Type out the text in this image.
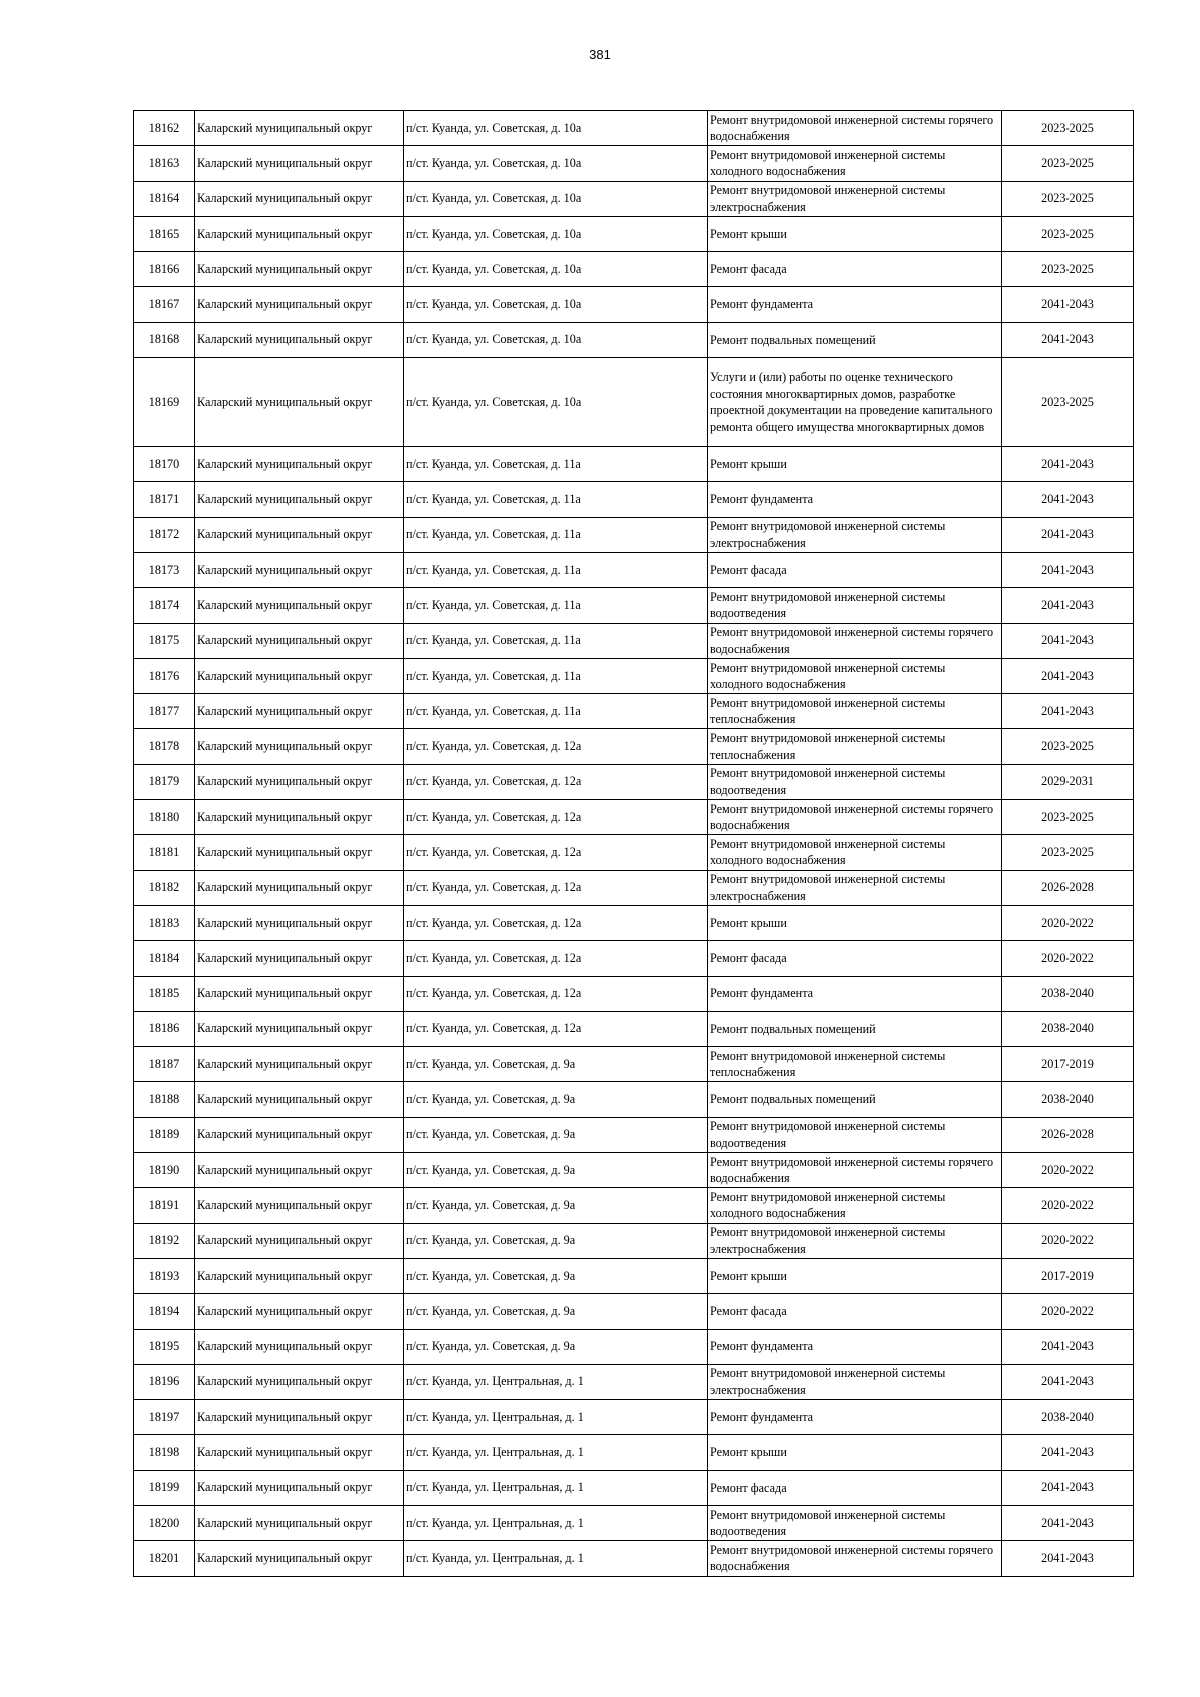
381
18162	Каларский муниципальный округ	п/ст. Куанда, ул. Советская, д. 10а	Ремонт внутридомовой инженерной системы горячего водоснабжения	2023-2025
18163	Каларский муниципальный округ	п/ст. Куанда, ул. Советская, д. 10а	Ремонт внутридомовой инженерной системы холодного водоснабжения	2023-2025
18164	Каларский муниципальный округ	п/ст. Куанда, ул. Советская, д. 10а	Ремонт внутридомовой инженерной системы электроснабжения	2023-2025
18165	Каларский муниципальный округ	п/ст. Куанда, ул. Советская, д. 10а	Ремонт крыши	2023-2025
18166	Каларский муниципальный округ	п/ст. Куанда, ул. Советская, д. 10а	Ремонт фасада	2023-2025
18167	Каларский муниципальный округ	п/ст. Куанда, ул. Советская, д. 10а	Ремонт фундамента	2041-2043
18168	Каларский муниципальный округ	п/ст. Куанда, ул. Советская, д. 10а	Ремонт подвальных помещений	2041-2043
18169	Каларский муниципальный округ	п/ст. Куанда, ул. Советская, д. 10а	Услуги и (или) работы по оценке технического состояния многоквартирных домов, разработке проектной документации на проведение капитального ремонта общего имущества многоквартирных домов	2023-2025
18170	Каларский муниципальный округ	п/ст. Куанда, ул. Советская, д. 11а	Ремонт крыши	2041-2043
18171	Каларский муниципальный округ	п/ст. Куанда, ул. Советская, д. 11а	Ремонт фундамента	2041-2043
18172	Каларский муниципальный округ	п/ст. Куанда, ул. Советская, д. 11а	Ремонт внутридомовой инженерной системы электроснабжения	2041-2043
18173	Каларский муниципальный округ	п/ст. Куанда, ул. Советская, д. 11а	Ремонт фасада	2041-2043
18174	Каларский муниципальный округ	п/ст. Куанда, ул. Советская, д. 11а	Ремонт внутридомовой инженерной системы водоотведения	2041-2043
18175	Каларский муниципальный округ	п/ст. Куанда, ул. Советская, д. 11а	Ремонт внутридомовой инженерной системы горячего водоснабжения	2041-2043
18176	Каларский муниципальный округ	п/ст. Куанда, ул. Советская, д. 11а	Ремонт внутридомовой инженерной системы холодного водоснабжения	2041-2043
18177	Каларский муниципальный округ	п/ст. Куанда, ул. Советская, д. 11а	Ремонт внутридомовой инженерной системы теплоснабжения	2041-2043
18178	Каларский муниципальный округ	п/ст. Куанда, ул. Советская, д. 12а	Ремонт внутридомовой инженерной системы теплоснабжения	2023-2025
18179	Каларский муниципальный округ	п/ст. Куанда, ул. Советская, д. 12а	Ремонт внутридомовой инженерной системы водоотведения	2029-2031
18180	Каларский муниципальный округ	п/ст. Куанда, ул. Советская, д. 12а	Ремонт внутридомовой инженерной системы горячего водоснабжения	2023-2025
18181	Каларский муниципальный округ	п/ст. Куанда, ул. Советская, д. 12а	Ремонт внутридомовой инженерной системы холодного водоснабжения	2023-2025
18182	Каларский муниципальный округ	п/ст. Куанда, ул. Советская, д. 12а	Ремонт внутридомовой инженерной системы электроснабжения	2026-2028
18183	Каларский муниципальный округ	п/ст. Куанда, ул. Советская, д. 12а	Ремонт крыши	2020-2022
18184	Каларский муниципальный округ	п/ст. Куанда, ул. Советская, д. 12а	Ремонт фасада	2020-2022
18185	Каларский муниципальный округ	п/ст. Куанда, ул. Советская, д. 12а	Ремонт фундамента	2038-2040
18186	Каларский муниципальный округ	п/ст. Куанда, ул. Советская, д. 12а	Ремонт подвальных помещений	2038-2040
18187	Каларский муниципальный округ	п/ст. Куанда, ул. Советская, д. 9а	Ремонт внутридомовой инженерной системы теплоснабжения	2017-2019
18188	Каларский муниципальный округ	п/ст. Куанда, ул. Советская, д. 9а	Ремонт подвальных помещений	2038-2040
18189	Каларский муниципальный округ	п/ст. Куанда, ул. Советская, д. 9а	Ремонт внутридомовой инженерной системы водоотведения	2026-2028
18190	Каларский муниципальный округ	п/ст. Куанда, ул. Советская, д. 9а	Ремонт внутридомовой инженерной системы горячего водоснабжения	2020-2022
18191	Каларский муниципальный округ	п/ст. Куанда, ул. Советская, д. 9а	Ремонт внутридомовой инженерной системы холодного водоснабжения	2020-2022
18192	Каларский муниципальный округ	п/ст. Куанда, ул. Советская, д. 9а	Ремонт внутридомовой инженерной системы электроснабжения	2020-2022
18193	Каларский муниципальный округ	п/ст. Куанда, ул. Советская, д. 9а	Ремонт крыши	2017-2019
18194	Каларский муниципальный округ	п/ст. Куанда, ул. Советская, д. 9а	Ремонт фасада	2020-2022
18195	Каларский муниципальный округ	п/ст. Куанда, ул. Советская, д. 9а	Ремонт фундамента	2041-2043
18196	Каларский муниципальный округ	п/ст. Куанда, ул. Центральная, д. 1	Ремонт внутридомовой инженерной системы электроснабжения	2041-2043
18197	Каларский муниципальный округ	п/ст. Куанда, ул. Центральная, д. 1	Ремонт фундамента	2038-2040
18198	Каларский муниципальный округ	п/ст. Куанда, ул. Центральная, д. 1	Ремонт крыши	2041-2043
18199	Каларский муниципальный округ	п/ст. Куанда, ул. Центральная, д. 1	Ремонт фасада	2041-2043
18200	Каларский муниципальный округ	п/ст. Куанда, ул. Центральная, д. 1	Ремонт внутридомовой инженерной системы водоотведения	2041-2043
18201	Каларский муниципальный округ	п/ст. Куанда, ул. Центральная, д. 1	Ремонт внутридомовой инженерной системы горячего водоснабжения	2041-2043
